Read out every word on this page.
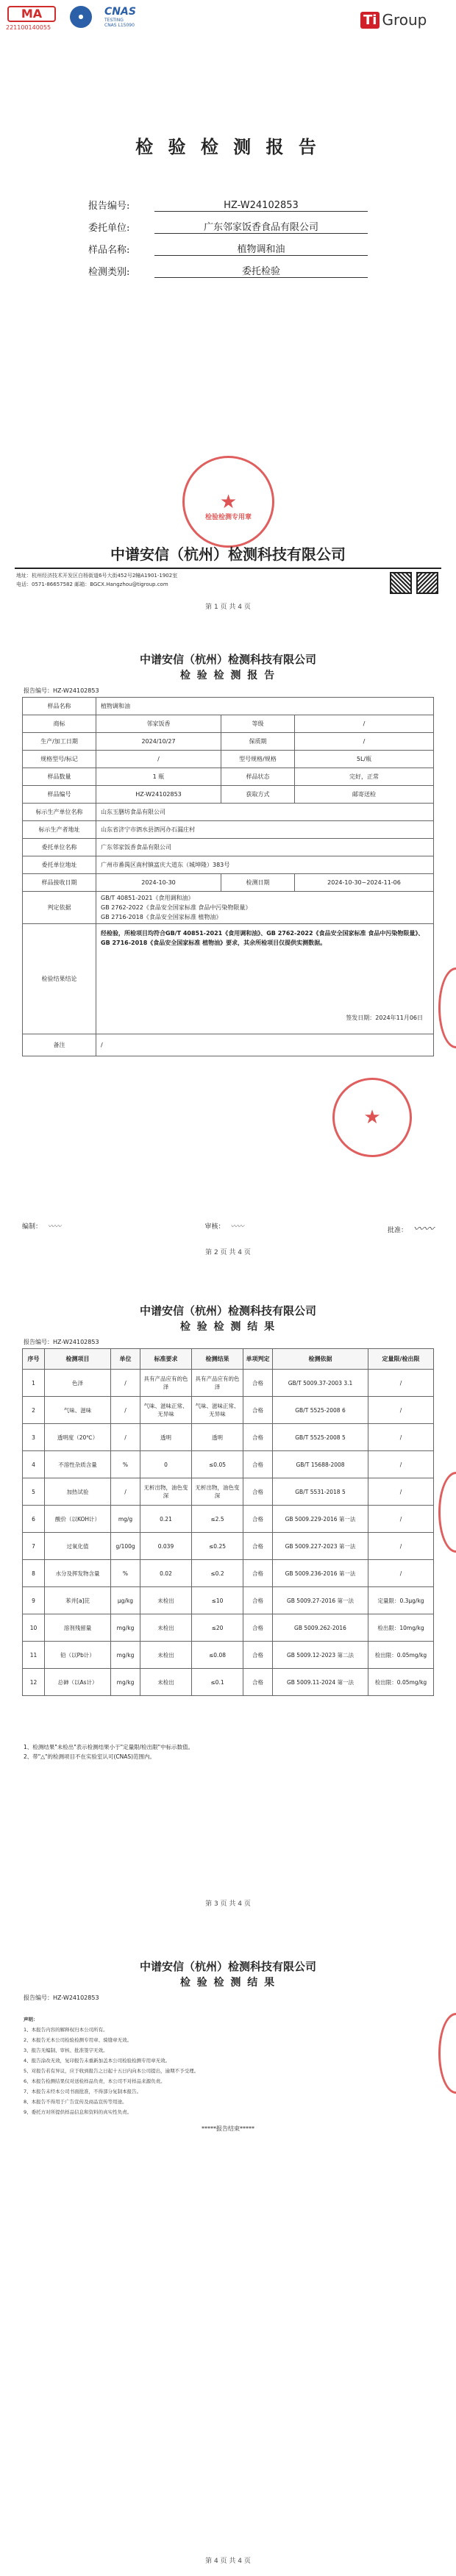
MA
221100140055
●	CNAS
TESTING
CNAS L15090	Ti Group
检 验 检 测 报 告
报告编号:	HZ-W24102853
委托单位:	广东邻家饭香食品有限公司
样品名称:	植物调和油
检测类别:	委托检验
★
检验检测专用章
中谱安信（杭州）检测科技有限公司
地址：杭州经济技术开发区白杨街道6号大街452号2幢A1901-1902室
电话：0571-86657582 邮箱：BGCX.Hangzhou@tigroup.com
第 1 页 共 4 页
中谱安信（杭州）检测科技有限公司
检 验 检 测 报 告
报告编号：HZ-W24102853
样品名称	植物调和油		
商标	邻家饭香	等级	/
生产/加工日期	2024/10/27	保质期	/
规格型号/标记	/	型号规格/规格	5L/瓶
样品数量	1 瓶	样品状态	完好，正常
样品编号	HZ-W24102853	获取方式	邮寄送检
标示生产单位名称	山东玉膳坊食品有限公司		
标示生产者地址	山东省济宁市泗水县泗河办石漏庄村		
委托单位名称	广东邻家饭香食品有限公司		
委托单位地址	广州市番禺区南村镇富庆大道东（城坤隆）383号		
样品接收日期	2024-10-30	检测日期	2024-10-30~2024-11-06
判定依据	GB/T 40851-2021《食用调和油》
GB 2762-2022《食品安全国家标准 食品中污染物限量》
GB 2716-2018《食品安全国家标准 植物油》		

检验结果结论	经检验，所检项目均符合GB/T 40851-2021《食用调和油》、GB 2762-2022《食品安全国家标准 食品中污染物限量》、GB 2716-2018《食品安全国家标准 植物油》要求，其余所检项目仅提供实测数据。
签发日期：2024年11月06日		

备注	/		
★
编制： 〰〰	审核： 〰〰	批准： 〰〰
第 2 页 共 4 页
中谱安信（杭州）检测科技有限公司
检 验 检 测 结 果
报告编号：HZ-W24102853
序号	检测项目	单位	标准要求	检测结果	单项判定	检测依据	定量限/检出限
1	色泽	/	具有产品应有的色泽	具有产品应有的色泽	合格	GB/T 5009.37-2003 3.1	/
2	气味、滋味	/	气味、滋味正常、无异味	气味、滋味正常、无异味	合格	GB/T 5525-2008 6	/
3	透明度（20℃）	/	透明	透明	合格	GB/T 5525-2008 5	/
4	不溶性杂质含量	%	0	≤0.05	合格	GB/T 15688-2008	/
5	加热试验	/	无析出物，油色变深	无析出物，油色变深	合格	GB/T 5531-2018 5	/
6	酸价（以KOH计）	mg/g	0.21	≤2.5	合格	GB 5009.229-2016 第一法	/
7	过氧化值	g/100g	0.039	≤0.25	合格	GB 5009.227-2023 第一法	/
8	水分及挥发物含量	%	0.02	≤0.2	合格	GB 5009.236-2016 第一法	/
9	苯并[a]芘	μg/kg	未检出	≤10	合格	GB 5009.27-2016 第一法	定量限：0.3μg/kg
10	溶剂残留量	mg/kg	未检出	≤20	合格	GB 5009.262-2016	检出限：10mg/kg
11	铅（以Pb计）	mg/kg	未检出	≤0.08	合格	GB 5009.12-2023 第二法	检出限：0.05mg/kg
12	总砷（以As计）	mg/kg	未检出	≤0.1	合格	GB 5009.11-2024 第一法	检出限：0.05mg/kg
1、检测结果"未检出"表示检测结果小于"定量限/检出限"中标示数值。
2、带"△"的检测项目不在实验室认可(CNAS)范围内。
第 3 页 共 4 页
中谱安信（杭州）检测科技有限公司
检 验 检 测 结 果
报告编号：HZ-W24102853
声明：
1、本报告内容的解释权归本公司所有。
2、本报告无本公司检验检测专用章、骑缝章无效。
3、报告无编制、审核、批准签字无效。
4、报告涂改无效，复印报告未重新加盖本公司检验检测专用章无效。
5、对报告若有异议，应于收到报告之日起十五日内向本公司提出，逾期不予受理。
6、本报告检测结果仅对送检样品负责，本公司不对样品来源负责。
7、本报告未经本公司书面批准，不得部分复制本报告。
8、本报告不得用于广告宣传及商品宣传等用途。
9、委托方对所提供样品信息和资料的真实性负责。
*****报告结束*****
第 4 页 共 4 页
